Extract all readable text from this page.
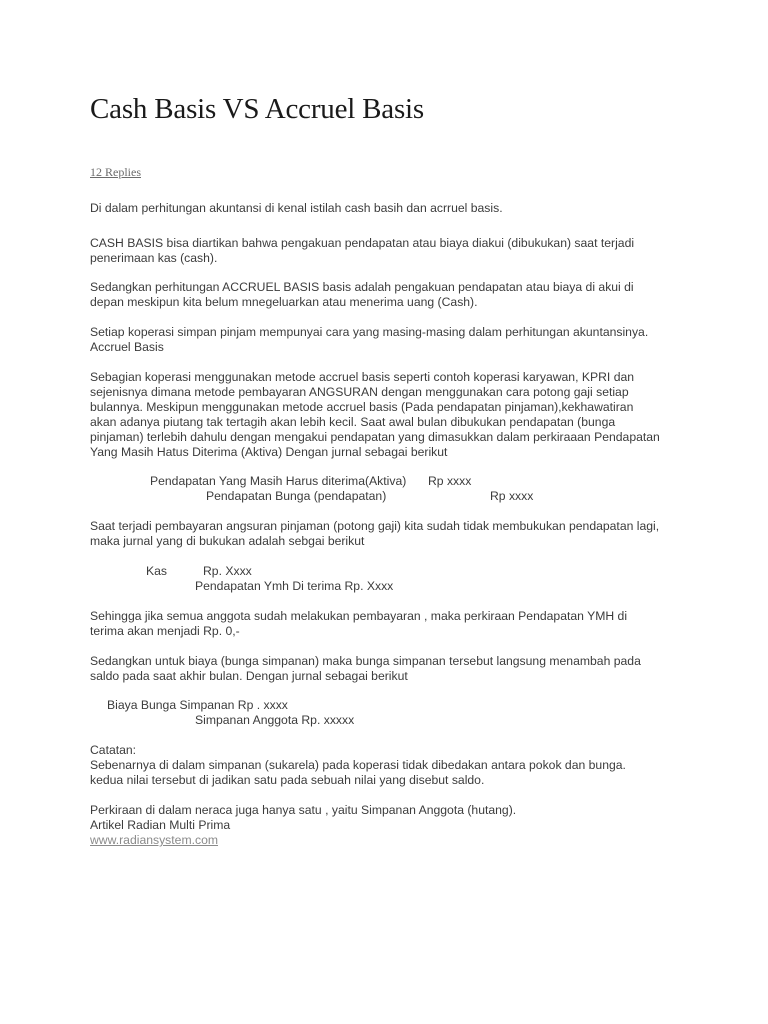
Cash Basis VS Accruel Basis
12 Replies
Di dalam perhitungan akuntansi di kenal istilah cash basih dan acrruel basis.
CASH BASIS bisa diartikan bahwa pengakuan pendapatan atau biaya diakui (dibukukan) saat terjadi
penerimaan kas (cash).
Sedangkan perhitungan ACCRUEL BASIS basis adalah pengakuan pendapatan atau biaya di akui di
depan meskipun kita belum mnegeluarkan atau menerima uang (Cash).
Setiap koperasi simpan pinjam mempunyai cara yang masing-masing dalam perhitungan akuntansinya.
Accruel Basis
Sebagian koperasi menggunakan metode accruel basis seperti contoh koperasi karyawan, KPRI dan
sejenisnya dimana metode pembayaran ANGSURAN dengan menggunakan cara potong gaji setiap
bulannya. Meskipun menggunakan metode accruel basis (Pada pendapatan pinjaman),kekhawatiran
akan adanya piutang tak tertagih akan lebih kecil. Saat awal bulan dibukukan pendapatan (bunga
pinjaman) terlebih dahulu dengan mengakui pendapatan yang dimasukkan dalam perkiraaan Pendapatan
Yang Masih Hatus Diterima (Aktiva) Dengan jurnal sebagai berikut
Pendapatan Yang Masih Harus diterima(Aktiva) Rp xxxx
Pendapatan Bunga (pendapatan)	Rp xxxx
Saat terjadi pembayaran angsuran pinjaman (potong gaji) kita sudah tidak membukukan pendapatan lagi,
maka jurnal yang di bukukan adalah sebgai berikut
Kas	Rp. Xxxx
Pendapatan Ymh Di terima Rp. Xxxx
Sehingga jika semua anggota sudah melakukan pembayaran , maka perkiraan Pendapatan YMH di
terima akan menjadi Rp. 0,-
Sedangkan untuk biaya (bunga simpanan) maka bunga simpanan tersebut langsung menambah pada
saldo pada saat akhir bulan. Dengan jurnal sebagai berikut
Biaya Bunga Simpanan Rp . xxxx
Simpanan Anggota Rp. xxxxx
Catatan:
Sebenarnya di dalam simpanan (sukarela) pada koperasi tidak dibedakan antara pokok dan bunga.
kedua nilai tersebut di jadikan satu pada sebuah nilai yang disebut saldo.
Perkiraan di dalam neraca juga hanya satu , yaitu Simpanan Anggota (hutang).
Artikel Radian Multi Prima
www.radiansystem.com
